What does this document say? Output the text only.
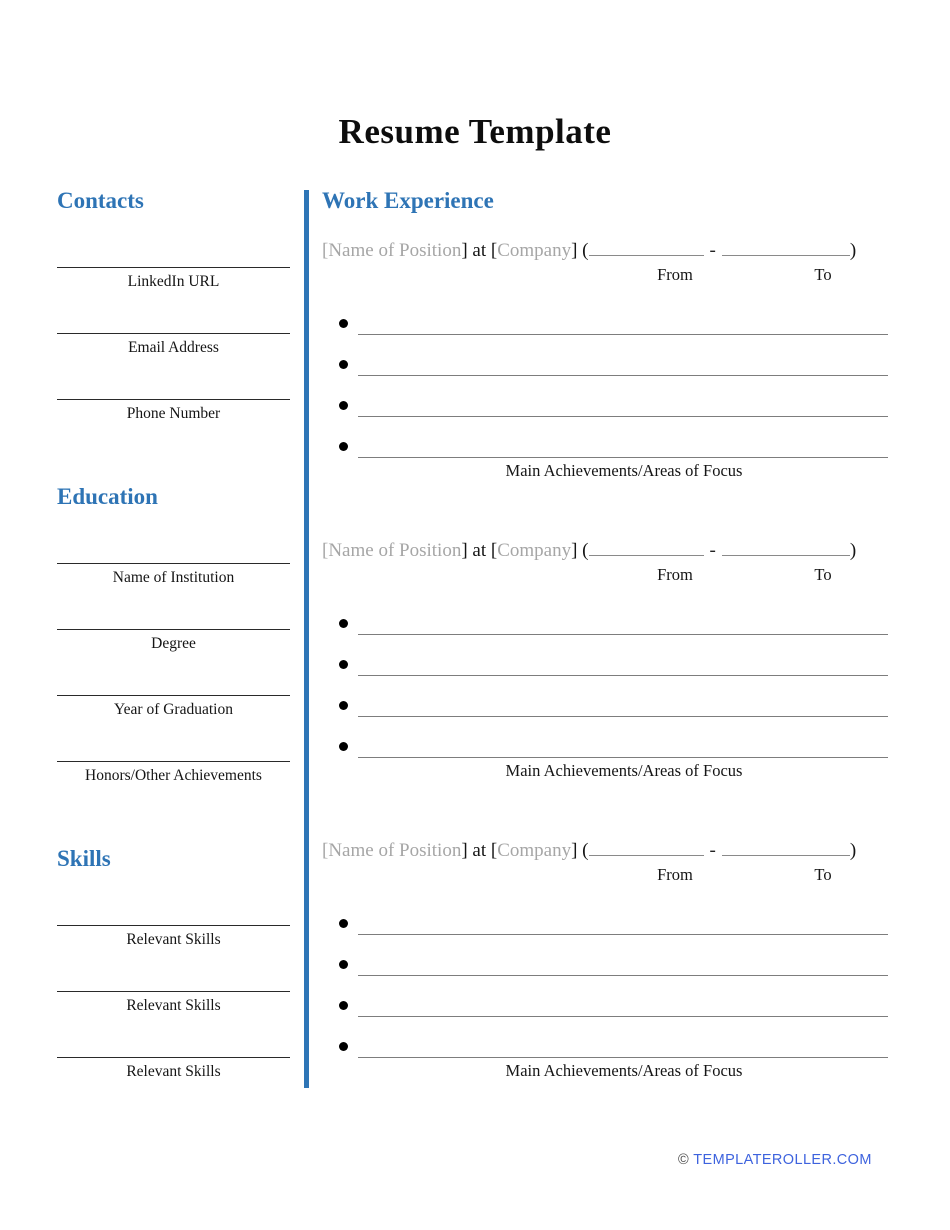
Resume Template
Contacts
LinkedIn URL
Email Address
Phone Number
Education
Name of Institution
Degree
Year of Graduation
Honors/Other Achievements
Skills
Relevant Skills
Relevant Skills
Relevant Skills
Work Experience
[Name of Position] at [Company] (	-	)
From	To
Main Achievements/Areas of Focus
[Name of Position] at [Company] (	-	)
From	To
Main Achievements/Areas of Focus
[Name of Position] at [Company] (	-	)
From	To
Main Achievements/Areas of Focus
© TEMPLATEROLLER.COM
